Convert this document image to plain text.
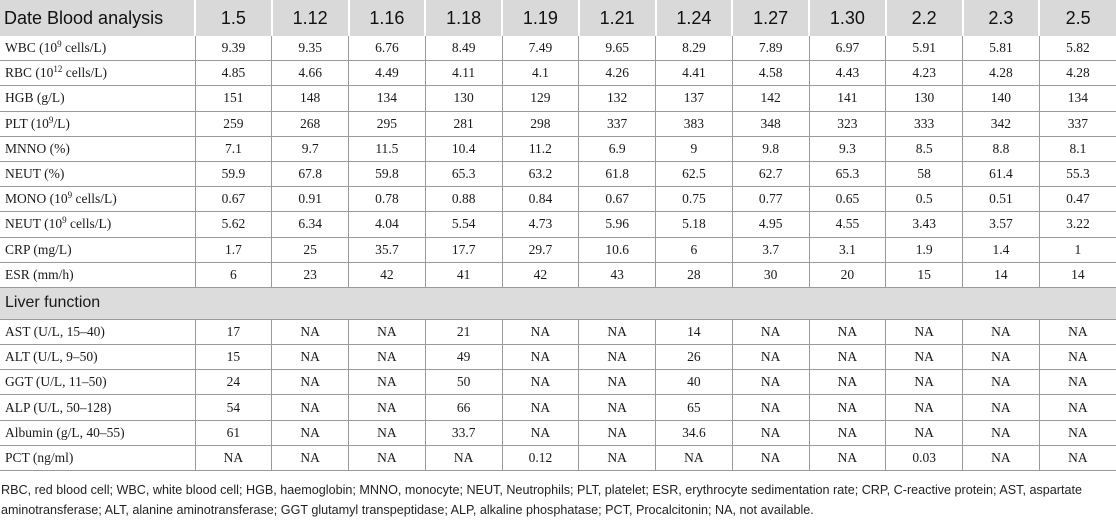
Date Blood analysis	1.5	1.12	1.16	1.18	1.19	1.21	1.24	1.27	1.30	2.2	2.3	2.5
WBC ($10^9$ cells/L)	9.39	9.35	6.76	8.49	7.49	9.65	8.29	7.89	6.97	5.91	5.81	5.82
RBC ($10^{12}$ cells/L)	4.85	4.66	4.49	4.11	4.1	4.26	4.41	4.58	4.43	4.23	4.28	4.28
HGB (g/L)	151	148	134	130	129	132	137	142	141	130	140	134
PLT $(10^9/L)$	259	268	295	281	298	337	383	348	323	333	342	337
MNNO (%)	7.1	9.7	11.5	10.4	11.2	6.9	9	9.8	9.3	8.5	8.8	8.1
NEUT (%)	59.9	67.8	59.8	65.3	63.2	61.8	62.5	62.7	65.3	58	61.4	55.3
MONO ($10^9$ cells/L)	0.67	0.91	0.78	0.88	0.84	0.67	0.75	0.77	0.65	0.5	0.51	0.47
NEUT ($10^9$ cells/L)	5.62	6.34	4.04	5.54	4.73	5.96	5.18	4.95	4.55	3.43	3.57	3.22
CRP (mg/L)	1.7	25	35.7	17.7	29.7	10.6	6	3.7	3.1	1.9	1.4	1
ESR (mm/h)	6	23	42	41	42	43	28	30	20	15	14	14
Liver function												
AST (U/L, 15–40)	17	NA	NA	21	NA	NA	14	NA	NA	NA	NA	NA
ALT (U/L, 9–50)	15	NA	NA	49	NA	NA	26	NA	NA	NA	NA	NA
GGT (U/L, 11–50)	24	NA	NA	50	NA	NA	40	NA	NA	NA	NA	NA
ALP (U/L, 50–128)	54	NA	NA	66	NA	NA	65	NA	NA	NA	NA	NA
Albumin (g/L, 40–55)	61	NA	NA	33.7	NA	NA	34.6	NA	NA	NA	NA	NA
PCT (ng/ml)	NA	NA	NA	NA	0.12	NA	NA	NA	NA	0.03	NA	NA

RBC, red blood cell; WBC, white blood cell; HGB, haemoglobin; MNNO, monocyte; NEUT, Neutrophils; PLT, platelet; ESR, erythrocyte sedimentation rate; CRP, C-reactive protein; AST, aspartate aminotransferase; ALT, alanine aminotransferase; GGT glutamyl transpeptidase; ALP, alkaline phosphatase; PCT, Procalcitonin; NA, not available.
